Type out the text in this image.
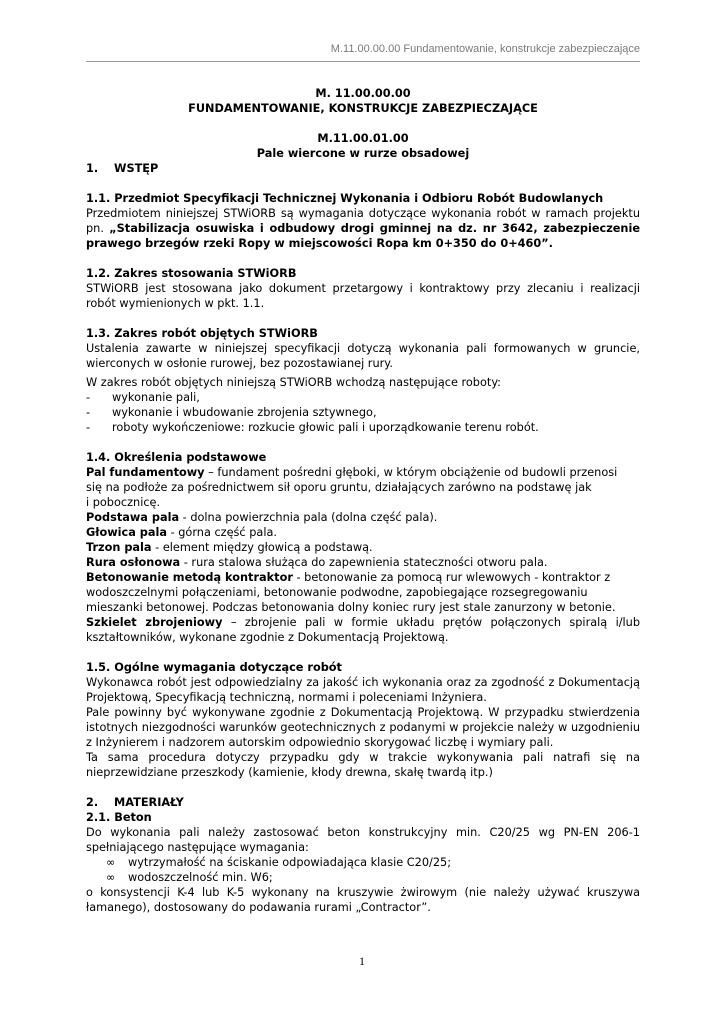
M.11.00.00.00 Fundamentowanie, konstrukcje zabezpieczające

M. 11.00.00.00

FUNDAMENTOWANIE, KONSTRUKCJE ZABEZPIECZAJĄCE

M.11.00.01.00

Pale wiercone w rurze obsadowej

1. WSTĘP

1.1. Przedmiot Specyfikacji Technicznej Wykonania i Odbioru Robót Budowlanych

Przedmiotem niniejszej STWiORB są wymagania dotyczące wykonania robót w ramach projektu pn. „Stabilizacja osuwiska i odbudowy drogi gminnej na dz. nr 3642, zabezpieczenie prawego brzegów rzeki Ropy w miejscowości Ropa km 0+350 do 0+460”.

1.2. Zakres stosowania STWiORB

STWiORB jest stosowana jako dokument przetargowy i kontraktowy przy zlecaniu i realizacji robót wymienionych w pkt. 1.1.

1.3. Zakres robót objętych STWiORB

Ustalenia zawarte w niniejszej specyfikacji dotyczą wykonania pali formowanych w gruncie, wierconych w osłonie rurowej, bez pozostawianej rury.

W zakres robót objętych niniejszą STWiORB wchodzą następujące roboty:

-	wykonanie pali,
-	wykonanie i wbudowanie zbrojenia sztywnego,
-	roboty wykończeniowe: rozkucie głowic pali i uporządkowanie terenu robót.

1.4. Określenia podstawowe

Pal fundamentowy – fundament pośredni głęboki, w którym obciążenie od budowli przenosi

się na podłoże za pośrednictwem sił oporu gruntu, działających zarówno na podstawę jak

i pobocznicę.

Podstawa pala - dolna powierzchnia pala (dolna część pala).

Głowica pala - górna część pala.

Trzon pala - element między głowicą a podstawą.

Rura osłonowa - rura stalowa służąca do zapewnienia stateczności otworu pala.

Betonowanie metodą kontraktor - betonowanie za pomocą rur wlewowych - kontraktor z

wodoszczelnymi połączeniami, betonowanie podwodne, zapobiegające rozsegregowaniu

mieszanki betonowej. Podczas betonowania dolny koniec rury jest stale zanurzony w betonie.

Szkielet zbrojeniowy – zbrojenie pali w formie układu prętów połączonych spiralą i/lub kształtowników, wykonane zgodnie z Dokumentacją Projektową.

1.5. Ogólne wymagania dotyczące robót

Wykonawca robót jest odpowiedzialny za jakość ich wykonania oraz za zgodność z Dokumentacją Projektową, Specyfikacją techniczną, normami i poleceniami Inżyniera.

Pale powinny być wykonywane zgodnie z Dokumentacją Projektową. W przypadku stwierdzenia istotnych niezgodności warunków geotechnicznych z podanymi w projekcie należy w uzgodnieniu z Inżynierem i nadzorem autorskim odpowiednio skorygować liczbę i wymiary pali.

Ta sama procedura dotyczy przypadku gdy w trakcie wykonywania pali natrafi się na nieprzewidziane przeszkody (kamienie, kłody drewna, skałę twardą itp.)

2. MATERIAŁY

2.1. Beton

Do wykonania pali należy zastosować beton konstrukcyjny min. C20/25 wg PN-EN 206-1 spełniającego następujące wymagania:

∞	wytrzymałość na ściskanie odpowiadająca klasie C20/25;
∞	wodoszczelność min. W6;

o konsystencji K-4 lub K-5 wykonany na kruszywie żwirowym (nie należy używać kruszywa łamanego), dostosowany do podawania rurami „Contractor”.

1
